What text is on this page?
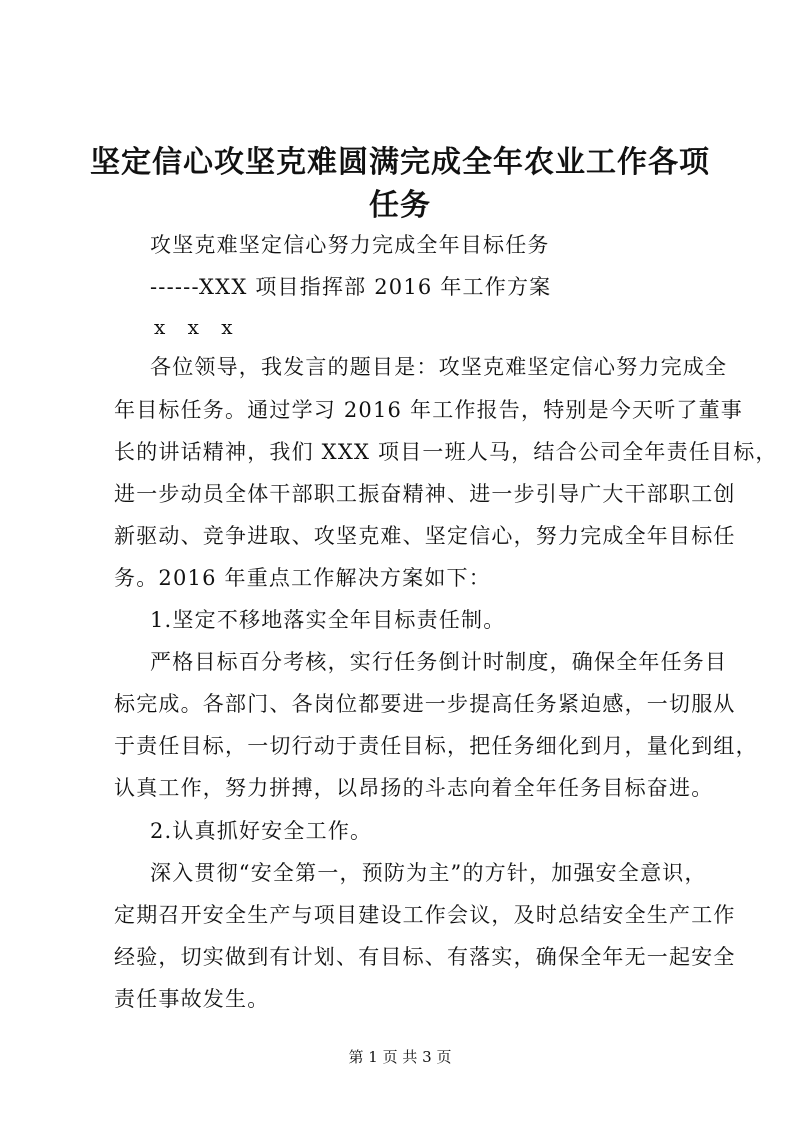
坚定信心攻坚克难圆满完成全年农业工作各项
任务
攻坚克难坚定信心努力完成全年目标任务
------XXX 项目指挥部 2016 年工作方案
x x x
各位领导，我发言的题目是：攻坚克难坚定信心努力完成全
年目标任务。通过学习 2016 年工作报告，特别是今天听了董事
长的讲话精神，我们 XXX 项目一班人马，结合公司全年责任目标，
进一步动员全体干部职工振奋精神、进一步引导广大干部职工创
新驱动、竞争进取、攻坚克难、坚定信心，努力完成全年目标任
务。2016 年重点工作解决方案如下：
1.坚定不移地落实全年目标责任制。
严格目标百分考核，实行任务倒计时制度，确保全年任务目
标完成。各部门、各岗位都要进一步提高任务紧迫感，一切服从
于责任目标，一切行动于责任目标，把任务细化到月，量化到组，
认真工作，努力拼搏，以昂扬的斗志向着全年任务目标奋进。
2.认真抓好安全工作。
深入贯彻“安全第一，预防为主”的方针，加强安全意识，
定期召开安全生产与项目建设工作会议，及时总结安全生产工作
经验，切实做到有计划、有目标、有落实，确保全年无一起安全
责任事故发生。
第 1 页 共 3 页
